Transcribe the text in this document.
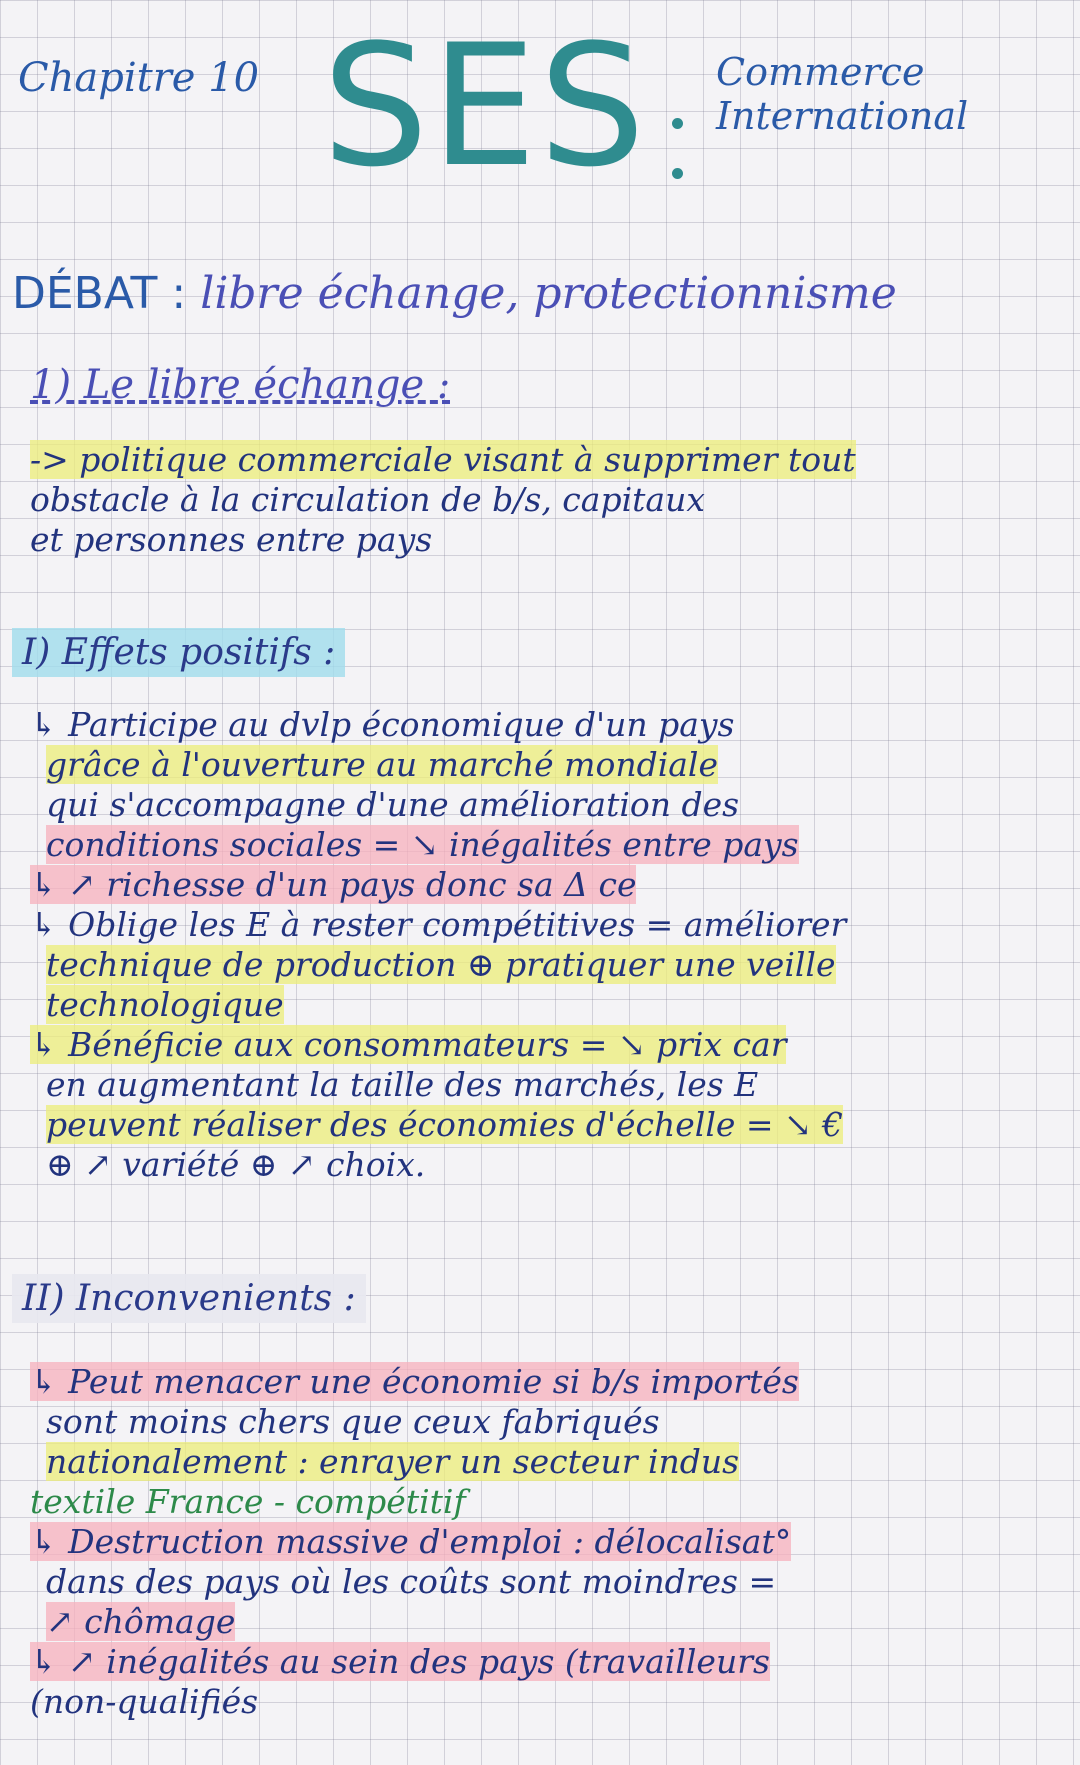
Chapitre 10 SES Commerce
International
DÉBAT : libre échange, protectionnisme
1) Le libre échange :
-> politique commerciale visant à supprimer tout
obstacle à la circulation de b/s, capitaux
et personnes entre pays
I) Effets positifs :
↳ Participe au dvlp économique d'un pays
grâce à l'ouverture au marché mondiale
qui s'accompagne d'une amélioration des
conditions sociales = ↘ inégalités entre pays
↳ ↗ richesse d'un pays donc sa Δ ce
↳ Oblige les E à rester compétitives = améliorer
technique de production ⊕ pratiquer une veille
technologique
↳ Bénéficie aux consommateurs = ↘ prix car
en augmentant la taille des marchés, les E
peuvent réaliser des économies d'échelle = ↘ €
⊕ ↗ variété ⊕ ↗ choix.
II) Inconvenients :
↳ Peut menacer une économie si b/s importés
sont moins chers que ceux fabriqués
nationalement : enrayer un secteur indus
textile France - compétitif
↳ Destruction massive d'emploi : délocalisat°
dans des pays où les coûts sont moindres =
↗ chômage
↳ ↗ inégalités au sein des pays (travailleurs
(non-qualifiés
